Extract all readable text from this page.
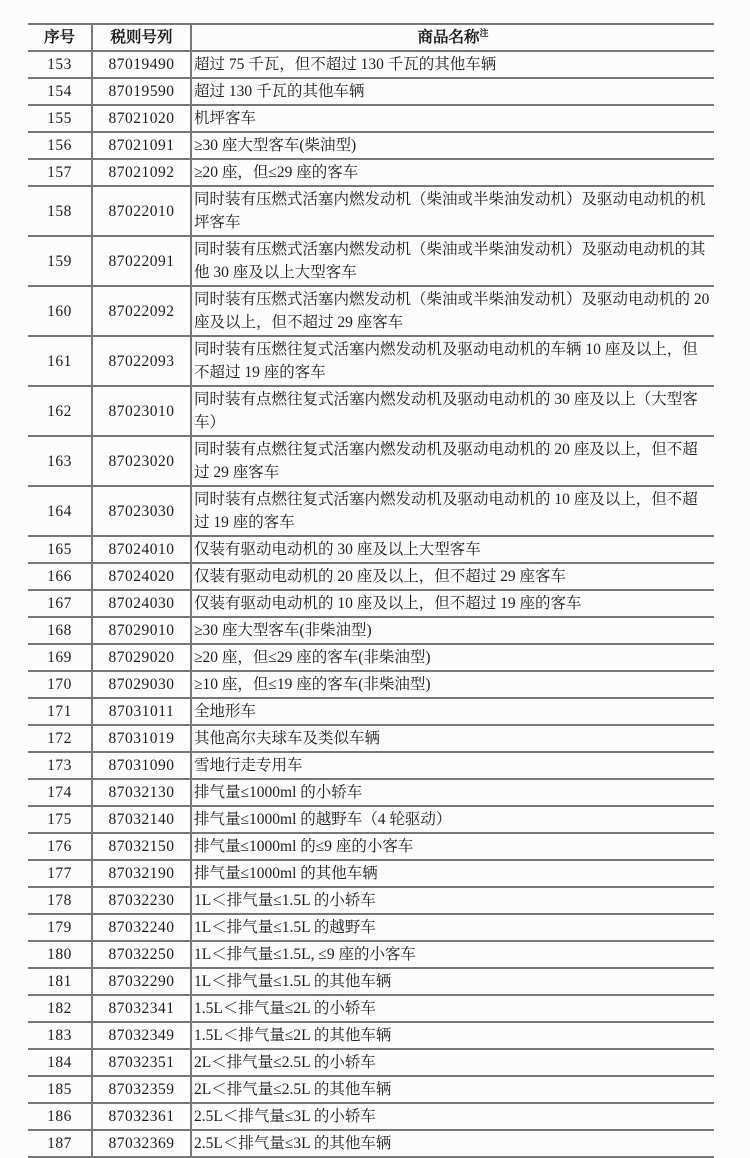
序号	税则号列	商品名称$^注$
153	87019490	超过 75 千瓦，但不超过 130 千瓦的其他车辆
154	87019590	超过 130 千瓦的其他车辆
155	87021020	机坪客车
156	87021091	≥30 座大型客车(柴油型)
157	87021092	≥20 座，但≤29 座的客车
158	87022010	同时装有压燃式活塞内燃发动机（柴油或半柴油发动机）及驱动电动机的机坪客车
159	87022091	同时装有压燃式活塞内燃发动机（柴油或半柴油发动机）及驱动电动机的其他 30 座及以上大型客车
160	87022092	同时装有压燃式活塞内燃发动机（柴油或半柴油发动机）及驱动电动机的 20 座及以上，但不超过 29 座客车
161	87022093	同时装有压燃往复式活塞内燃发动机及驱动电动机的车辆 10 座及以上，但不超过 19 座的客车
162	87023010	同时装有点燃往复式活塞内燃发动机及驱动电动机的 30 座及以上（大型客车）
163	87023020	同时装有点燃往复式活塞内燃发动机及驱动电动机的 20 座及以上，但不超过 29 座客车
164	87023030	同时装有点燃往复式活塞内燃发动机及驱动电动机的 10 座及以上，但不超过 19 座的客车
165	87024010	仅装有驱动电动机的 30 座及以上大型客车
166	87024020	仅装有驱动电动机的 20 座及以上，但不超过 29 座客车
167	87024030	仅装有驱动电动机的 10 座及以上，但不超过 19 座的客车
168	87029010	≥30 座大型客车(非柴油型)
169	87029020	≥20 座，但≤29 座的客车(非柴油型)
170	87029030	≥10 座，但≤19 座的客车(非柴油型)
171	87031011	全地形车
172	87031019	其他高尔夫球车及类似车辆
173	87031090	雪地行走专用车
174	87032130	排气量≤1000ml 的小轿车
175	87032140	排气量≤1000ml 的越野车（4 轮驱动）
176	87032150	排气量≤1000ml 的≤9 座的小客车
177	87032190	排气量≤1000ml 的其他车辆
178	87032230	1L＜排气量≤1.5L 的小轿车
179	87032240	1L＜排气量≤1.5L 的越野车
180	87032250	1L＜排气量≤1.5L, ≤9 座的小客车
181	87032290	1L＜排气量≤1.5L 的其他车辆
182	87032341	1.5L＜排气量≤2L 的小轿车
183	87032349	1.5L＜排气量≤2L 的其他车辆
184	87032351	2L＜排气量≤2.5L 的小轿车
185	87032359	2L＜排气量≤2.5L 的其他车辆
186	87032361	2.5L＜排气量≤3L 的小轿车
187	87032369	2.5L＜排气量≤3L 的其他车辆
